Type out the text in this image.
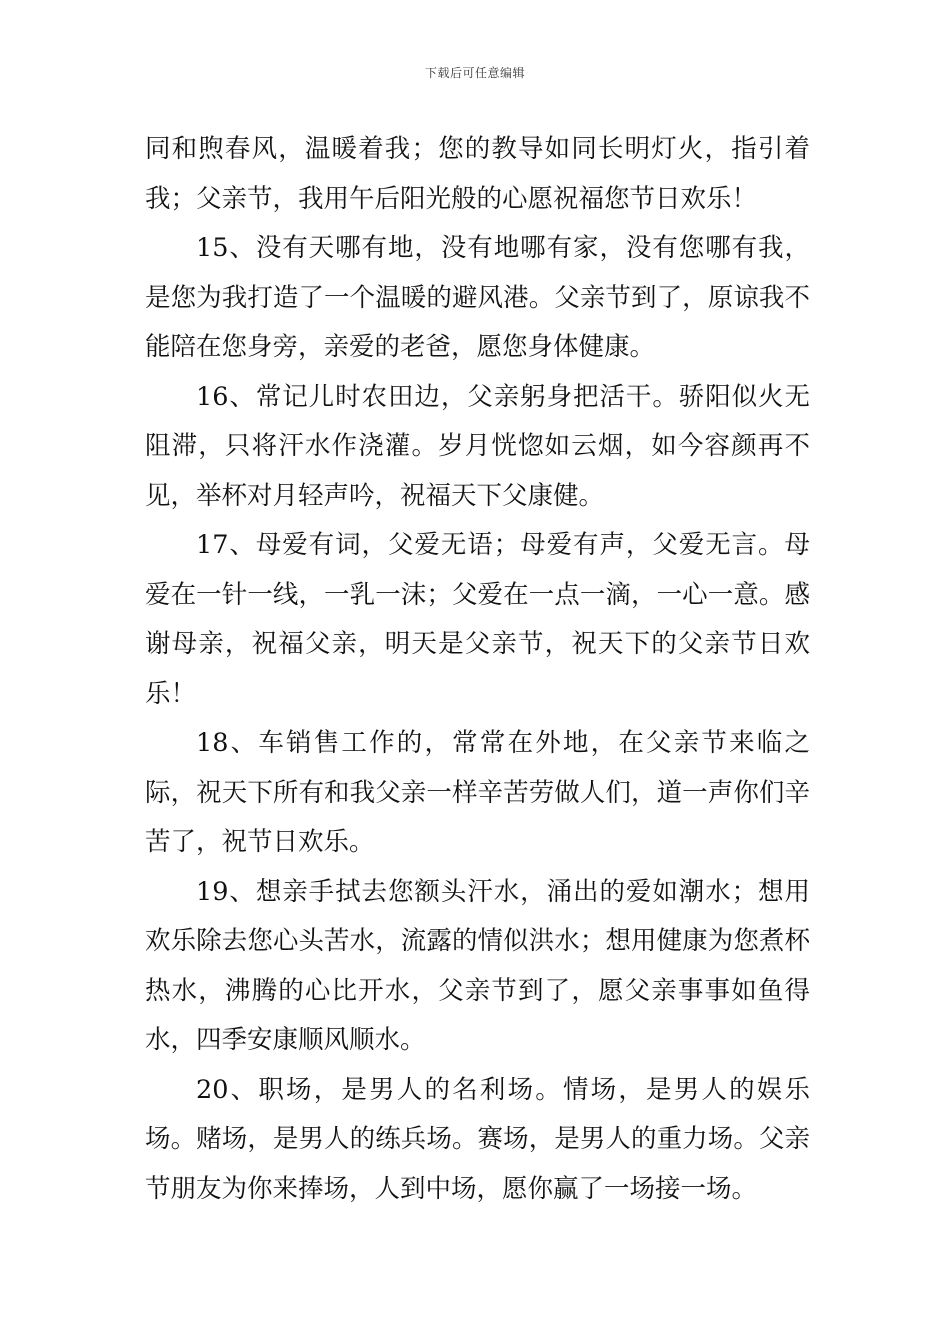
下载后可任意编辑

同和煦春风，温暖着我；您的教导如同长明灯火，指引着我；父亲节，我用午后阳光般的心愿祝福您节日欢乐！

15、没有天哪有地，没有地哪有家，没有您哪有我，是您为我打造了一个温暖的避风港。父亲节到了，原谅我不能陪在您身旁，亲爱的老爸，愿您身体健康。

16、常记儿时农田边，父亲躬身把活干。骄阳似火无阻滞，只将汗水作浇灌。岁月恍惚如云烟，如今容颜再不见，举杯对月轻声吟，祝福天下父康健。

17、母爱有词，父爱无语；母爱有声，父爱无言。母爱在一针一线，一乳一沫；父爱在一点一滴，一心一意。感谢母亲，祝福父亲，明天是父亲节，祝天下的父亲节日欢乐！

18、车销售工作的，常常在外地，在父亲节来临之际，祝天下所有和我父亲一样辛苦劳做人们，道一声你们辛苦了，祝节日欢乐。

19、想亲手拭去您额头汗水，涌出的爱如潮水；想用欢乐除去您心头苦水，流露的情似洪水；想用健康为您煮杯热水，沸腾的心比开水，父亲节到了，愿父亲事事如鱼得水，四季安康顺风顺水。

20、职场，是男人的名利场。情场，是男人的娱乐场。赌场，是男人的练兵场。赛场，是男人的重力场。父亲节朋友为你来捧场，人到中场，愿你赢了一场接一场。
